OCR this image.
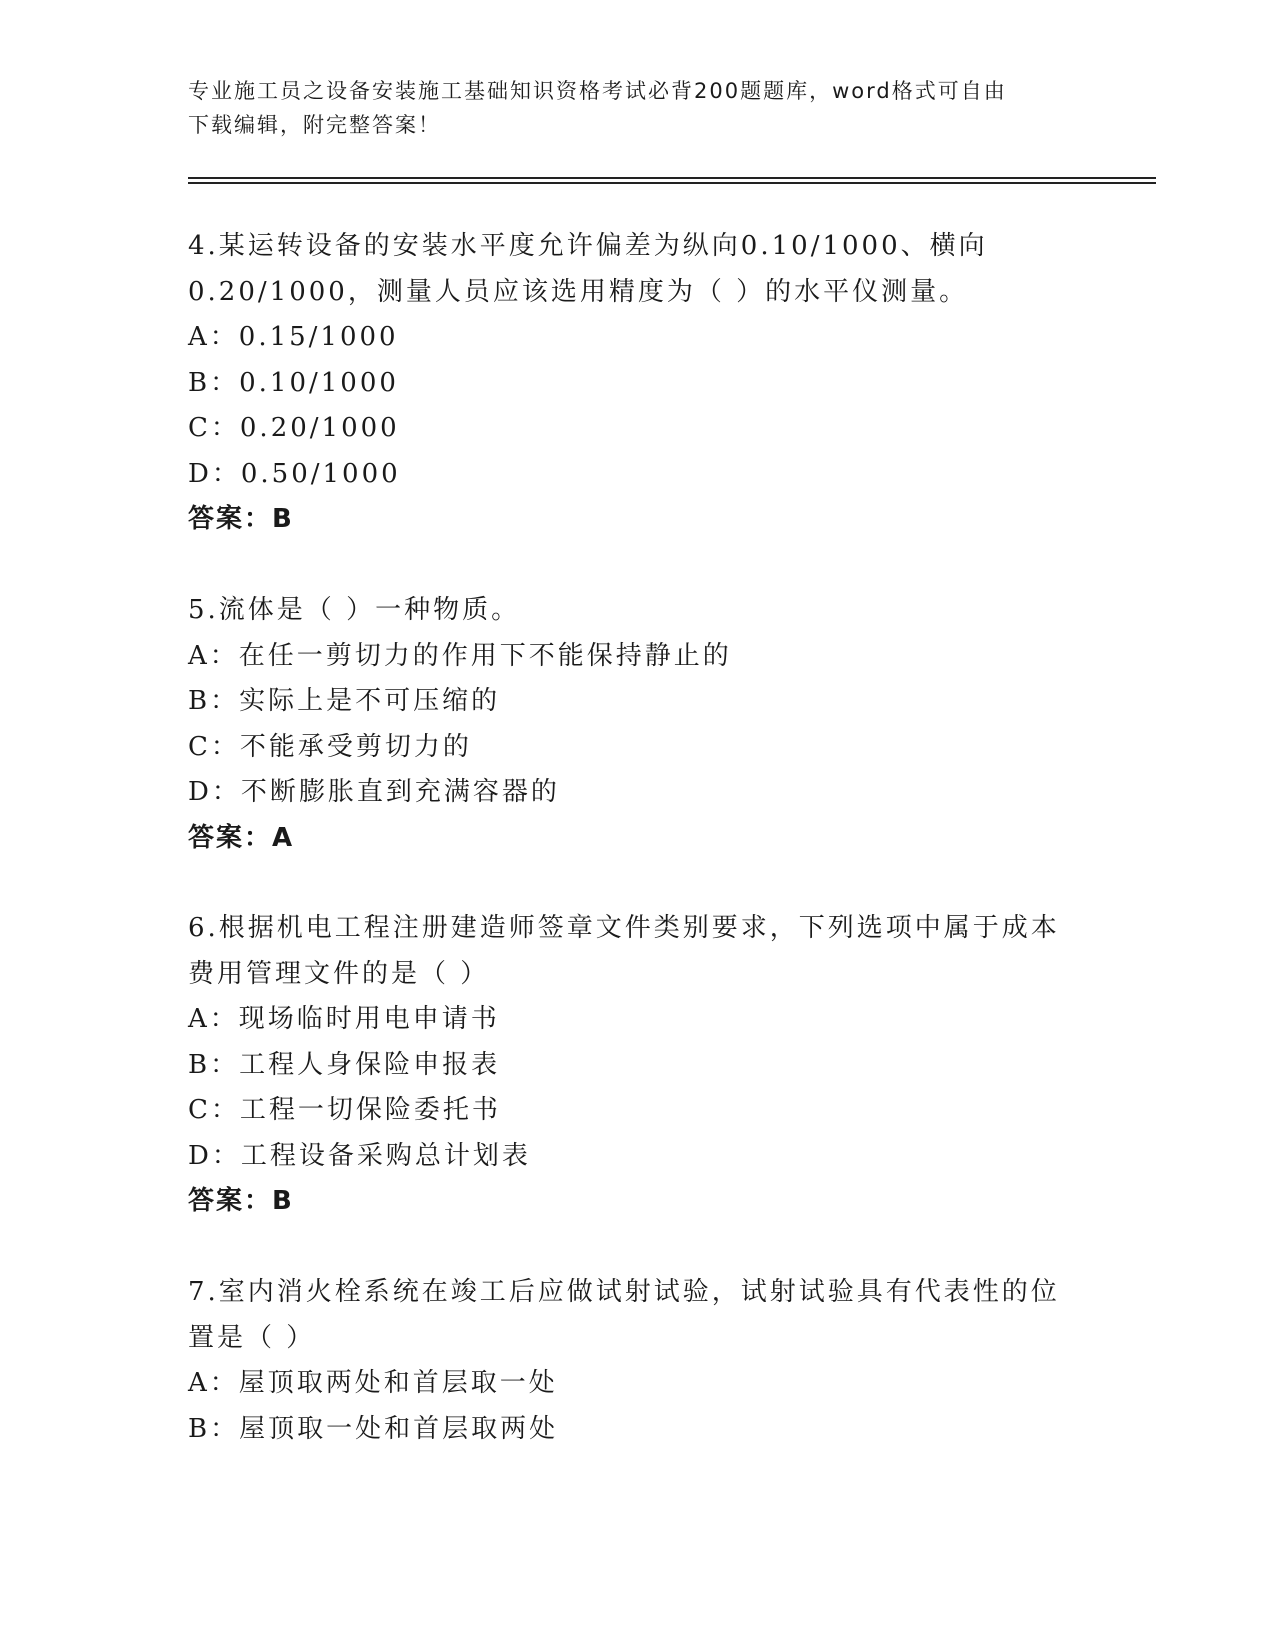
专业施工员之设备安装施工基础知识资格考试必背200题题库，word格式可自由
下载编辑，附完整答案！
4.某运转设备的安装水平度允许偏差为纵向0.10/1000、横向
0.20/1000，测量人员应该选用精度为（ ）的水平仪测量。
A：0.15/1000
B：0.10/1000
C：0.20/1000
D：0.50/1000
答案：B
5.流体是（ ）一种物质。
A：在任一剪切力的作用下不能保持静止的
B：实际上是不可压缩的
C：不能承受剪切力的
D：不断膨胀直到充满容器的
答案：A
6.根据机电工程注册建造师签章文件类别要求，下列选项中属于成本
费用管理文件的是（ ）
A：现场临时用电申请书
B：工程人身保险申报表
C：工程一切保险委托书
D：工程设备采购总计划表
答案：B
7.室内消火栓系统在竣工后应做试射试验，试射试验具有代表性的位
置是（ ）
A：屋顶取两处和首层取一处
B：屋顶取一处和首层取两处
